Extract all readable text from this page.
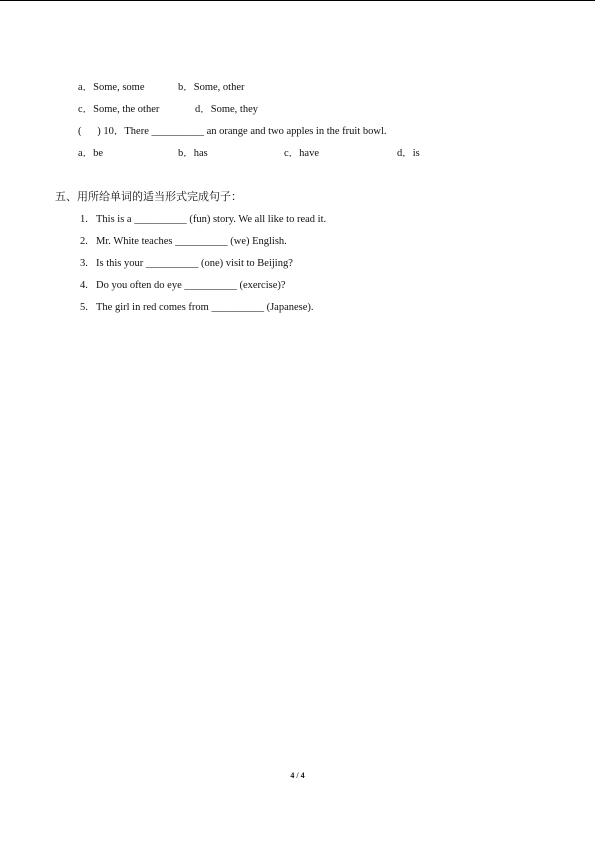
a．Some, some	b．Some, other
c．Some, the other	d．Some, they
(      ) 10．There __________ an orange and two apples in the fruit bowl.
a．be	b．has	c．have	d．is
五、用所给单词的适当形式完成句子：
1. This is a __________ (fun) story. We all like to read it.
2. Mr. White teaches __________ (we) English.
3. Is this your __________ (one) visit to Beijing?
4. Do you often do eye __________ (exercise)?
5. The girl in red comes from __________ (Japanese).
4 / 4
